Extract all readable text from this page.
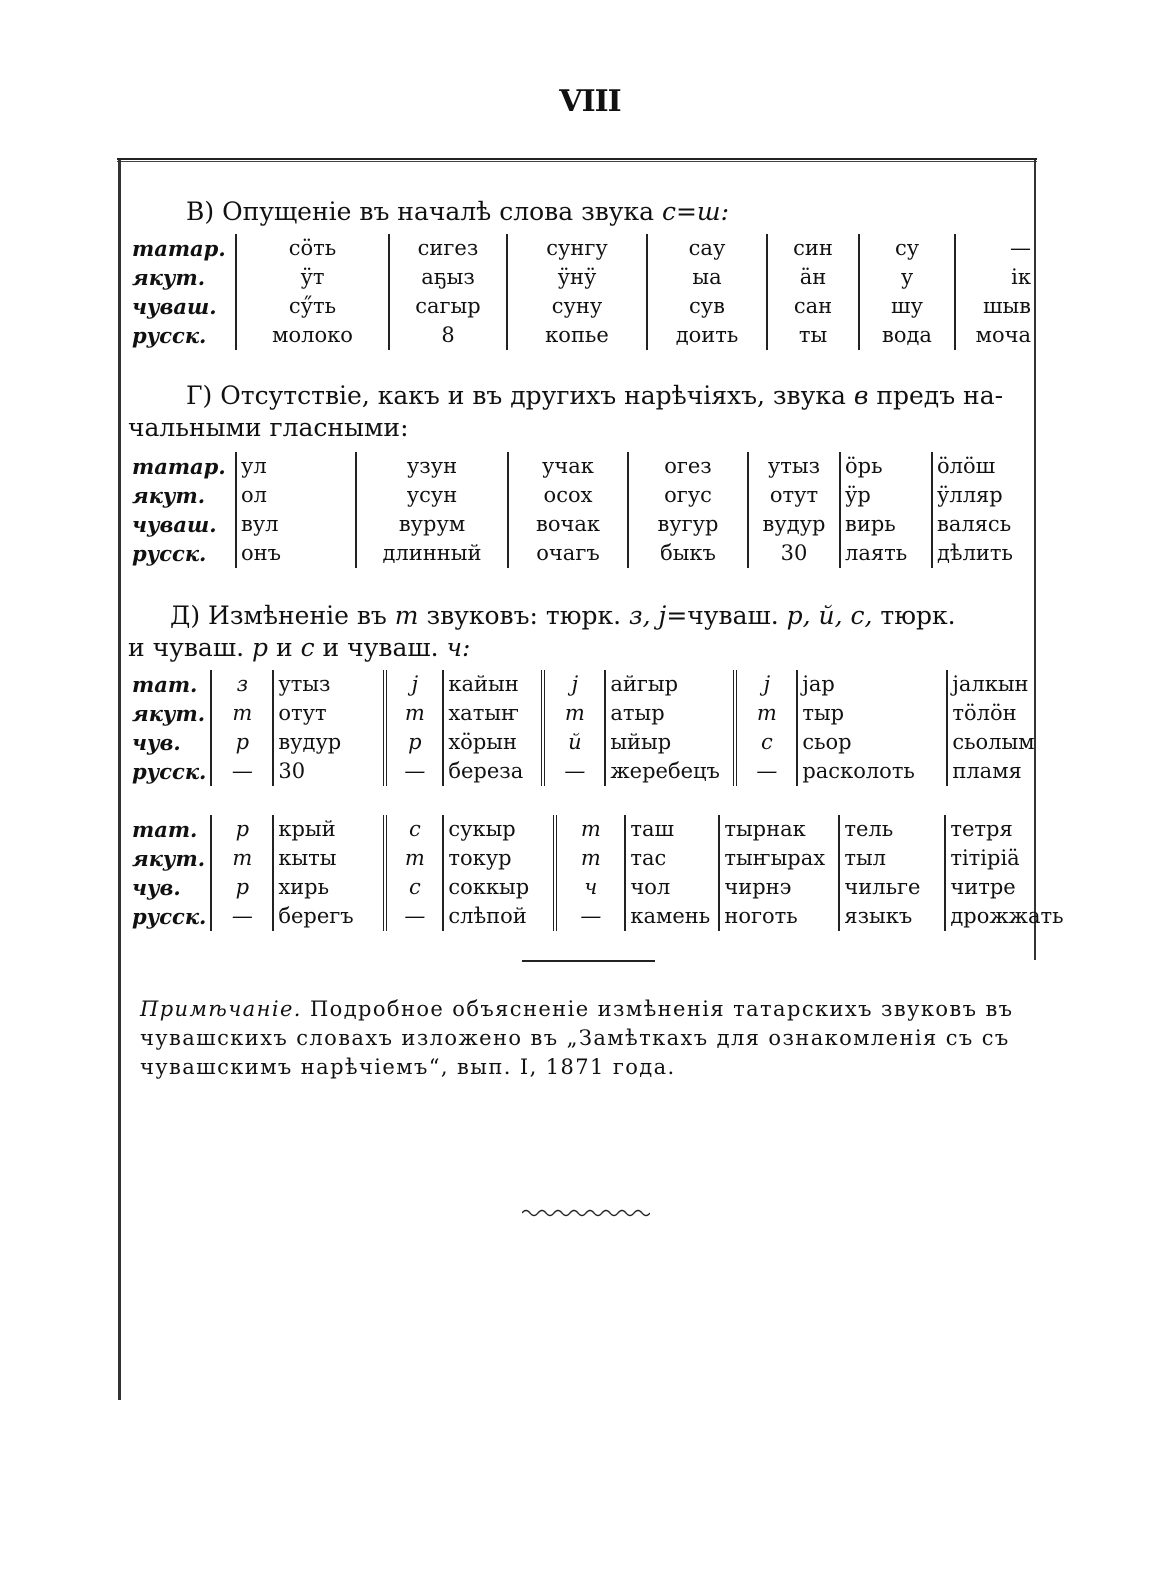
VIII
В) Опущеніе въ началѣ слова звука с=ш:
татар.	сӧть	сигез	сунгу	сау	син	су	—
якут.	ӱт	аҕыз	ӱнӱ	ыа	ӓн	у	ік
чуваш.	сӳть	сагыр	суну	сув	сан	шу	шыв
русск.	молоко	8	копье	доить	ты	вода	моча
Г) Отсутствіе, какъ и въ другихъ нарѣчіяхъ, звука в предъ на-
чальными гласными:
татар.	ул	узун	учак	огез	утыз	ӧрь	ӧлӧш
якут.	ол	усун	осох	огус	отут	ӱр	ӱлляр
чуваш.	вул	вурум	вочак	вугур	вудур	вирь	валясь
русск.	онъ	длинный	очагъ	быкъ	30	лаять	дѣлить
Д) Измѣненіе въ т звуковъ: тюрк. з, j=чуваш. р, й, с, тюрк.
и чуваш. р и с и чуваш. ч:
тат.	з	утыз	j	кайын	j	айгыр	j	jар	jалкын
якут.	т	отут	т	хатыҥ	т	атыр	т	тыр	тӧлӧн
чув.	р	вудур	р	хӧрын	й	ыйыр	с	сьор	сьолым
русск.	—	30	—	береза	—	жеребецъ	—	расколоть	пламя
тат.	р	крый	с	сукыр	т	таш	тырнак	тель	тетря
якут.	т	кыты	т	токур	т	тас	тыҥырах	тыл	тітіріӓ
чув.	р	хирь	с	соккыр	ч	чол	чирнэ	чильге	читре
русск.	—	берегъ	—	слѣпой	—	камень	ноготь	языкъ	дрожжать
Примѣчаніе. Подробное объясненіе измѣненія татарскихъ звуковъ въ чувашскихъ словахъ изложено въ „Замѣткахъ для ознакомленія съ съ чувашскимъ нарѣчіемъ“, вып. I, 1871 года.
